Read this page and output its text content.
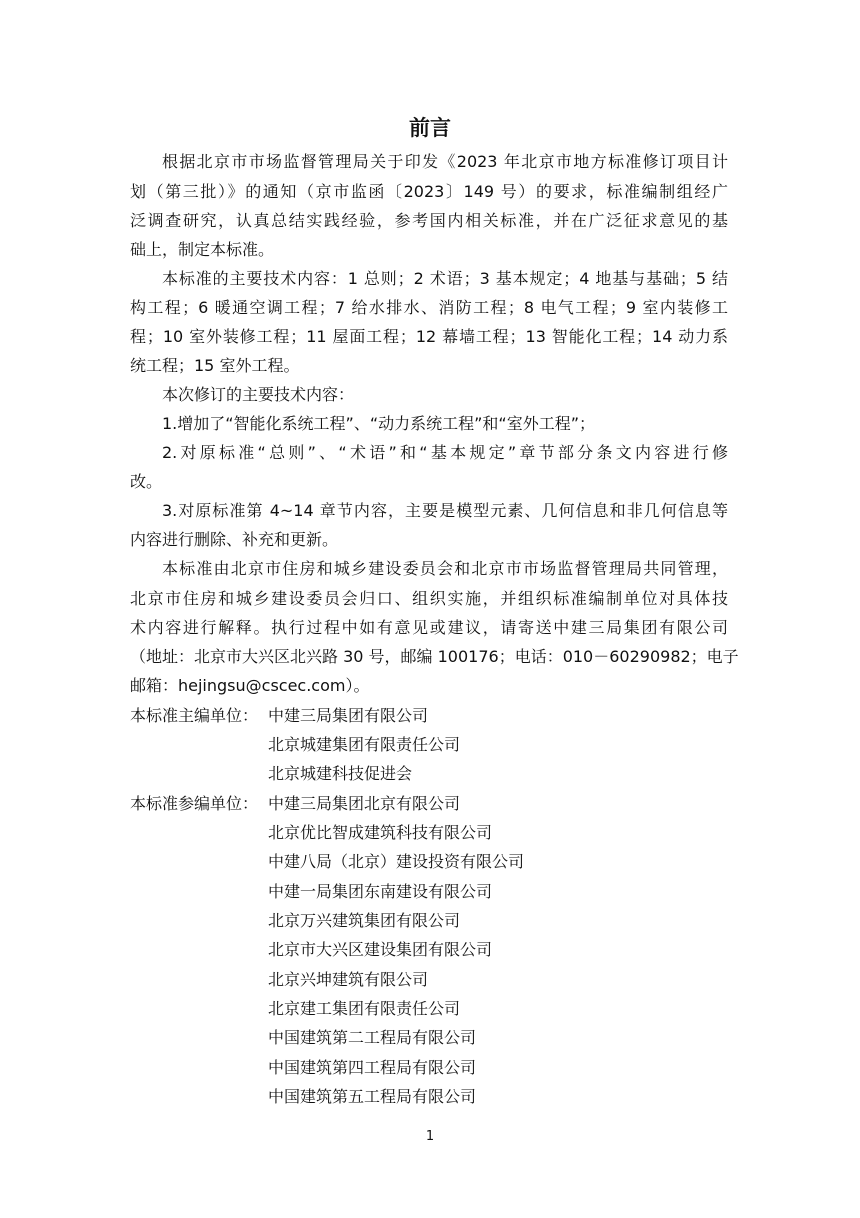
前言
根据北京市市场监督管理局关于印发《2023 年北京市地方标准修订项目计
划（第三批）》的通知（京市监函〔2023〕149 号）的要求，标准编制组经广
泛调查研究，认真总结实践经验，参考国内相关标准，并在广泛征求意见的基
础上，制定本标准。
本标准的主要技术内容：1 总则；2 术语；3 基本规定；4 地基与基础；5 结
构工程；6 暖通空调工程；7 给水排水、消防工程；8 电气工程；9 室内装修工
程；10 室外装修工程；11 屋面工程；12 幕墙工程；13 智能化工程；14 动力系
统工程；15 室外工程。
本次修订的主要技术内容：
1.增加了“智能化系统工程”、“动力系统工程”和“室外工程”；
2.对原标准“总则”、“术语”和“基本规定”章节部分条文内容进行修
改。
3.对原标准第 4~14 章节内容，主要是模型元素、几何信息和非几何信息等
内容进行删除、补充和更新。
本标准由北京市住房和城乡建设委员会和北京市市场监督管理局共同管理，
北京市住房和城乡建设委员会归口、组织实施，并组织标准编制单位对具体技
术内容进行解释。执行过程中如有意见或建议，请寄送中建三局集团有限公司
（地址：北京市大兴区北兴路 30 号，邮编 100176；电话：010－60290982；电子
邮箱：hejingsu@cscec.com）。
本标准主编单位： 中建三局集团有限公司
北京城建集团有限责任公司
北京城建科技促进会
本标准参编单位： 中建三局集团北京有限公司
北京优比智成建筑科技有限公司
中建八局（北京）建设投资有限公司
中建一局集团东南建设有限公司
北京万兴建筑集团有限公司
北京市大兴区建设集团有限公司
北京兴坤建筑有限公司
北京建工集团有限责任公司
中国建筑第二工程局有限公司
中国建筑第四工程局有限公司
中国建筑第五工程局有限公司
1
